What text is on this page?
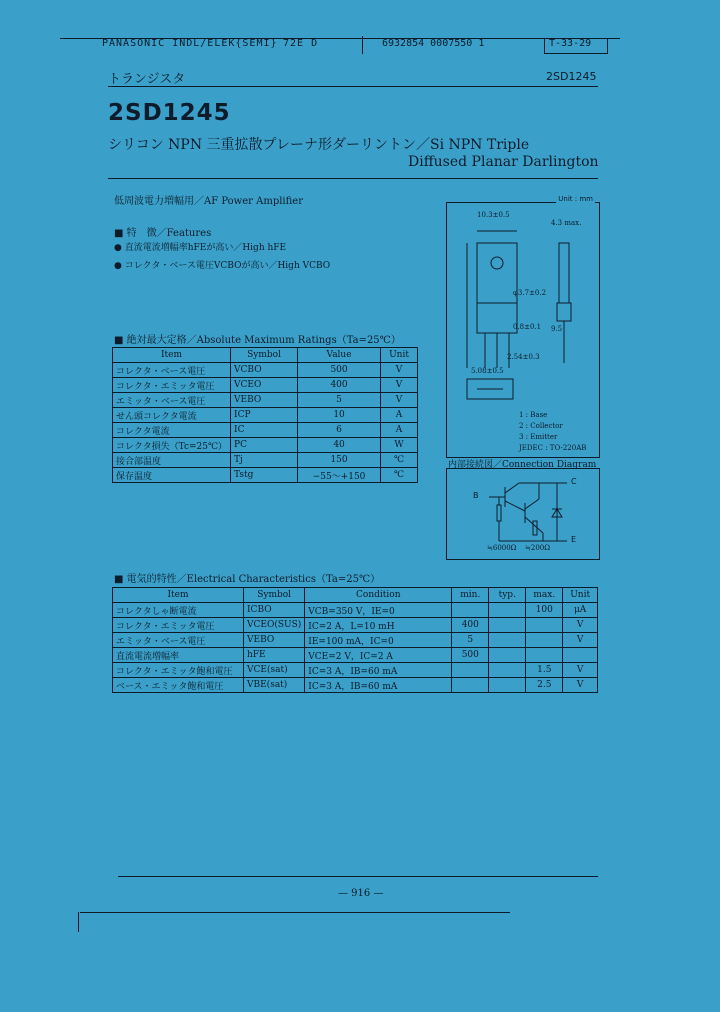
PANASONIC INDL/ELEK{SEMI} 72E D	6932854 0007550 1	T-33-29
トランジスタ	2SD1245
2SD1245
シリコン NPN 三重拡散プレーナ形ダーリントン／Si NPN Triple
Diffused Planar Darlington
低周波電力増幅用／AF Power Amplifier
■ 特　徴／Features
● 直流電流増幅率hFEが高い／High hFE
● コレクタ・ベース電圧VCBOが高い／High VCBO
■ 絶対最大定格／Absolute Maximum Ratings（Ta=25℃）
Item	Symbol	Value	Unit
コレクタ・ベース電圧	VCBO	500	V
コレクタ・エミッタ電圧	VCEO	400	V
エミッタ・ベース電圧	VEBO	5	V
せん頭コレクタ電流	ICP	10	A
コレクタ電流	IC	6	A
コレクタ損失（Tc=25℃）	PC	40	W
接合部温度	Tj	150	℃
保存温度	Tstg	−55～+150	℃
Unit : mm
10.3±0.5
4.3 max.
φ3.7±0.2
0.8±0.1 9.5
2.54±0.3
5.08±0.5
1 : Base
2 : Collector
3 : Emitter
JEDEC : TO-220AB
内部接続図／Connection Diagram
B
C
E
≒6000Ω ≒200Ω
■ 電気的特性／Electrical Characteristics（Ta=25℃）
Item	Symbol	Condition	min.	typ.	max.	Unit
コレクタしゃ断電流	ICBO	VCB=350 V，IE=0			100	μA
コレクタ・エミッタ電圧	VCEO(SUS)	IC=2 A，L=10 mH	400			V
エミッタ・ベース電圧	VEBO	IE=100 mA，IC=0	5			V
直流電流増幅率	hFE	VCE=2 V，IC=2 A	500			
コレクタ・エミッタ飽和電圧	VCE(sat)	IC=3 A，IB=60 mA			1.5	V
ベース・エミッタ飽和電圧	VBE(sat)	IC=3 A，IB=60 mA			2.5	V
— 916 —
